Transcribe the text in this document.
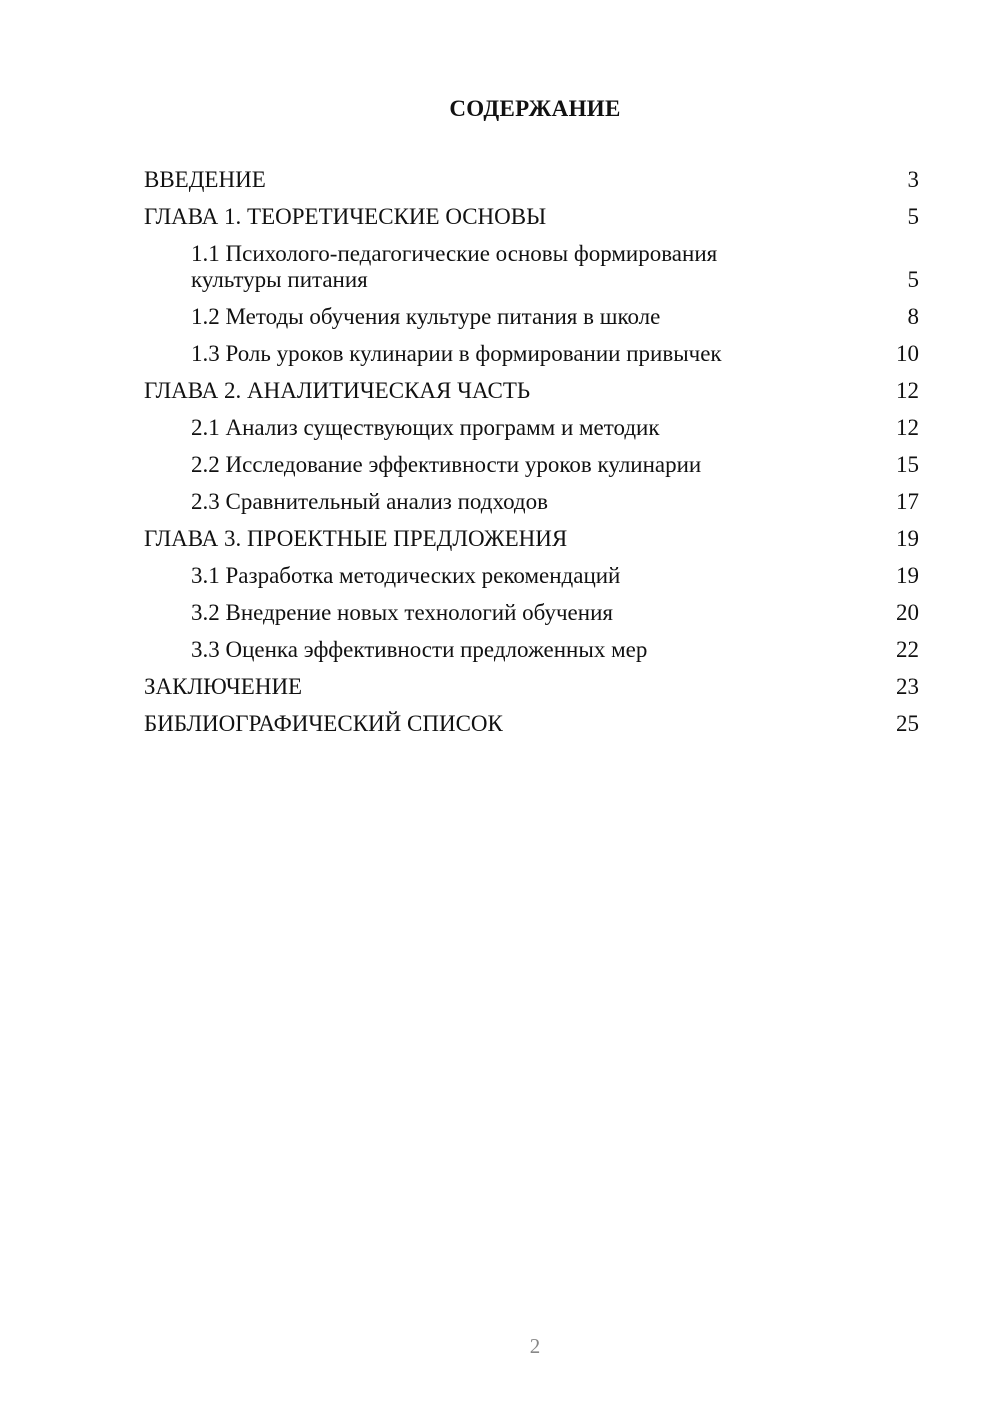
СОДЕРЖАНИЕ
ВВЕДЕНИЕ	3
ГЛАВА 1. ТЕОРЕТИЧЕСКИЕ ОСНОВЫ	5
1.1 Психолого-педагогические основы формирования культуры питания	5
1.2 Методы обучения культуре питания в школе	8
1.3 Роль уроков кулинарии в формировании привычек	10
ГЛАВА 2. АНАЛИТИЧЕСКАЯ ЧАСТЬ	12
2.1 Анализ существующих программ и методик	12
2.2 Исследование эффективности уроков кулинарии	15
2.3 Сравнительный анализ подходов	17
ГЛАВА 3. ПРОЕКТНЫЕ ПРЕДЛОЖЕНИЯ	19
3.1 Разработка методических рекомендаций	19
3.2 Внедрение новых технологий обучения	20
3.3 Оценка эффективности предложенных мер	22
ЗАКЛЮЧЕНИЕ	23
БИБЛИОГРАФИЧЕСКИЙ СПИСОК	25
2
